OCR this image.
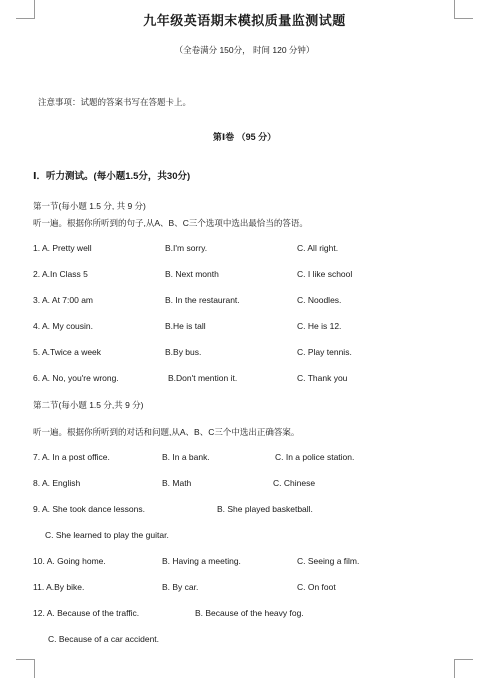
九年级英语期末模拟质量监测试题
（全卷满分 150分， 时间 120 分钟）
注意事项：试题的答案书写在答题卡上。
第Ⅰ卷 （95 分）
Ⅰ．听力测试。(每小题1.5分，共30分)
第一节(每小题 1.5 分, 共 9 分)
听一遍。根据你所听到的句子,从A、B、C三个选项中选出最恰当的答语。
1. A. Pretty well	B.I'm sorry.	C. All right.
2. A.In Class 5	B. Next month	C. I like school
3. A. At 7:00 am	B. In the restaurant.	C. Noodles.
4. A. My cousin.	B.He is tall	C. He is 12.
5. A.Twice a week	B.By bus.	C. Play tennis.
6. A. No, you're wrong.	B.Don't mention it.	C. Thank you
第二节(每小题 1.5 分,共 9 分)
听一遍。根据你所听到的对话和问题,从A、B、C三个中选出正确答案。
7. A. In a post office.	B. In a bank.	C. In a police station.
8. A. English	B. Math	C. Chinese
9. A. She took dance lessons.	B. She played basketball.
C. She learned to play the guitar.
10. A. Going home.	B. Having a meeting.	C. Seeing a film.
11. A.By bike.	B. By car.	C. On foot
12. A. Because of the traffic.	B. Because of the heavy fog.
C. Because of a car accident.
